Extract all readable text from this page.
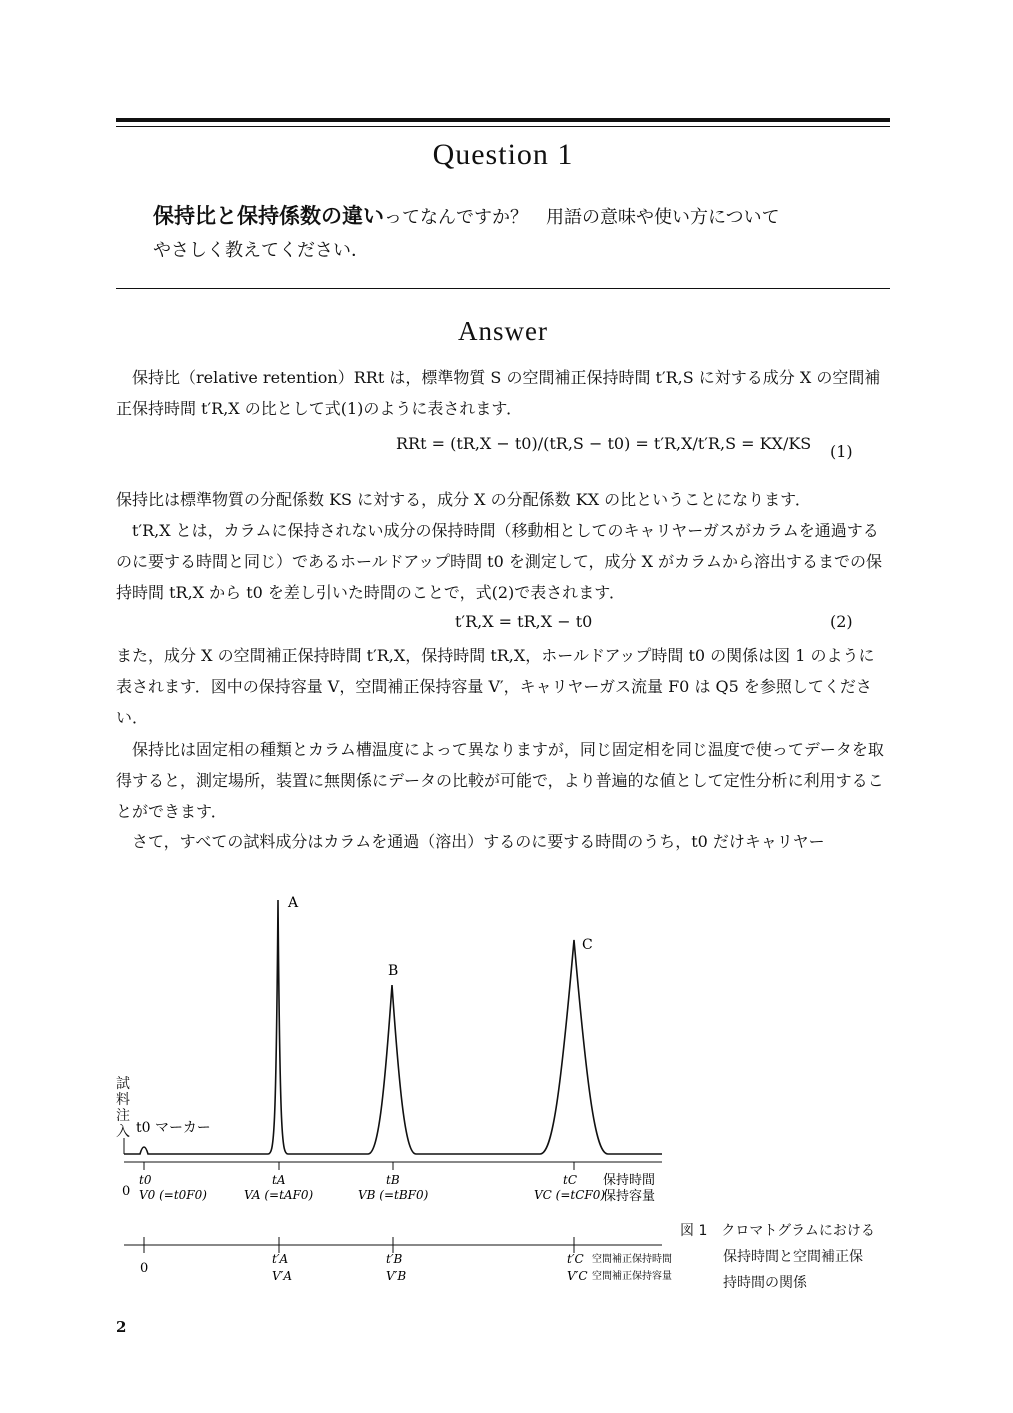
Question 1
保持比と保持係数の違いってなんですか？　用語の意味や使い方について
やさしく教えてください．
Answer
保持比（relative retention）RRt は，標準物質 S の空間補正保持時間 t′R,S に対する成分 X の空間補正保持時間 t′R,X の比として式(1)のように表されます．
RRt = (tR,X − t0)/(tR,S − t0) = t′R,X/t′R,S = KX/KS (1)
保持比は標準物質の分配係数 KS に対する，成分 X の分配係数 KX の比ということになります．
t′R,X とは，カラムに保持されない成分の保持時間（移動相としてのキャリヤーガスがカラムを通過するのに要する時間と同じ）であるホールドアップ時間 t0 を測定して，成分 X がカラムから溶出するまでの保持時間 tR,X から t0 を差し引いた時間のことで，式(2)で表されます．
t′R,X = tR,X − t0	(2)
また，成分 X の空間補正保持時間 t′R,X，保持時間 tR,X，ホールドアップ時間 t0 の関係は図 1 のように表されます．図中の保持容量 V，空間補正保持容量 V′，キャリヤーガス流量 F0 は Q5 を参照してください．
保持比は固定相の種類とカラム槽温度によって異なりますが，同じ固定相を同じ温度で使ってデータを取得すると，測定場所，装置に無関係にデータの比較が可能で，より普遍的な値として定性分析に利用することができます．
さて，すべての試料成分はカラムを通過（溶出）するのに要する時間のうち，t0 だけキャリヤー
A
B
C
t0 マーカー
0
t0	tA	tB	tC
V0 (=t0F0)	VA (=tAF0)	VB (=tBF0)	VC (=tCF0)
保持時間
保持容量
0
t′A	t′B	t′C
V′A	V′B	V′C
空間補正保持時間
空間補正保持容量
試料注入
図 1　クロマトグラムにおける
保持時間と空間補正保
持時間の関係
2
